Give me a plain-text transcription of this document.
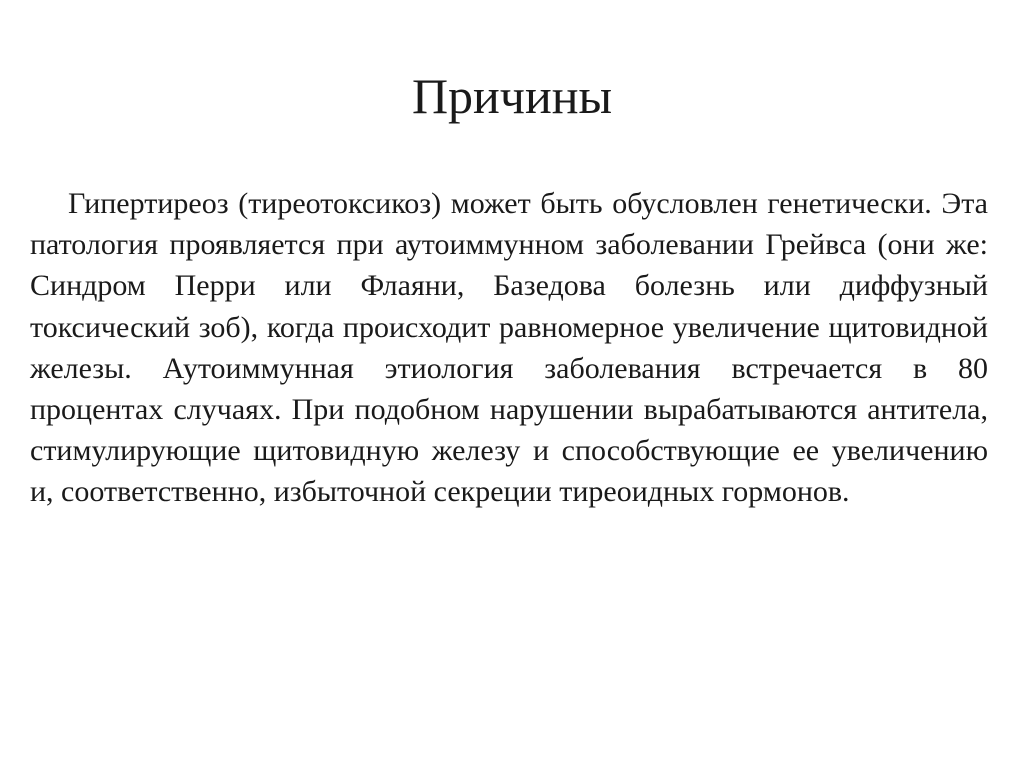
Причины

Гипертиреоз (тиреотоксикоз) может быть обусловлен генетически. Эта патология проявляется при аутоиммунном заболевании Грейвса (они же: Синдром Перри или Флаяни, Базедова болезнь или диффузный токсический зоб), когда происходит равномерное увеличение щитовидной железы. Аутоиммунная этиология заболевания встречается в 80 процентах случаях. При подобном нарушении вырабатываются антитела, стимулирующие щитовидную железу и способствующие ее увеличению и, соответственно, избыточной секреции тиреоидных гормонов.
